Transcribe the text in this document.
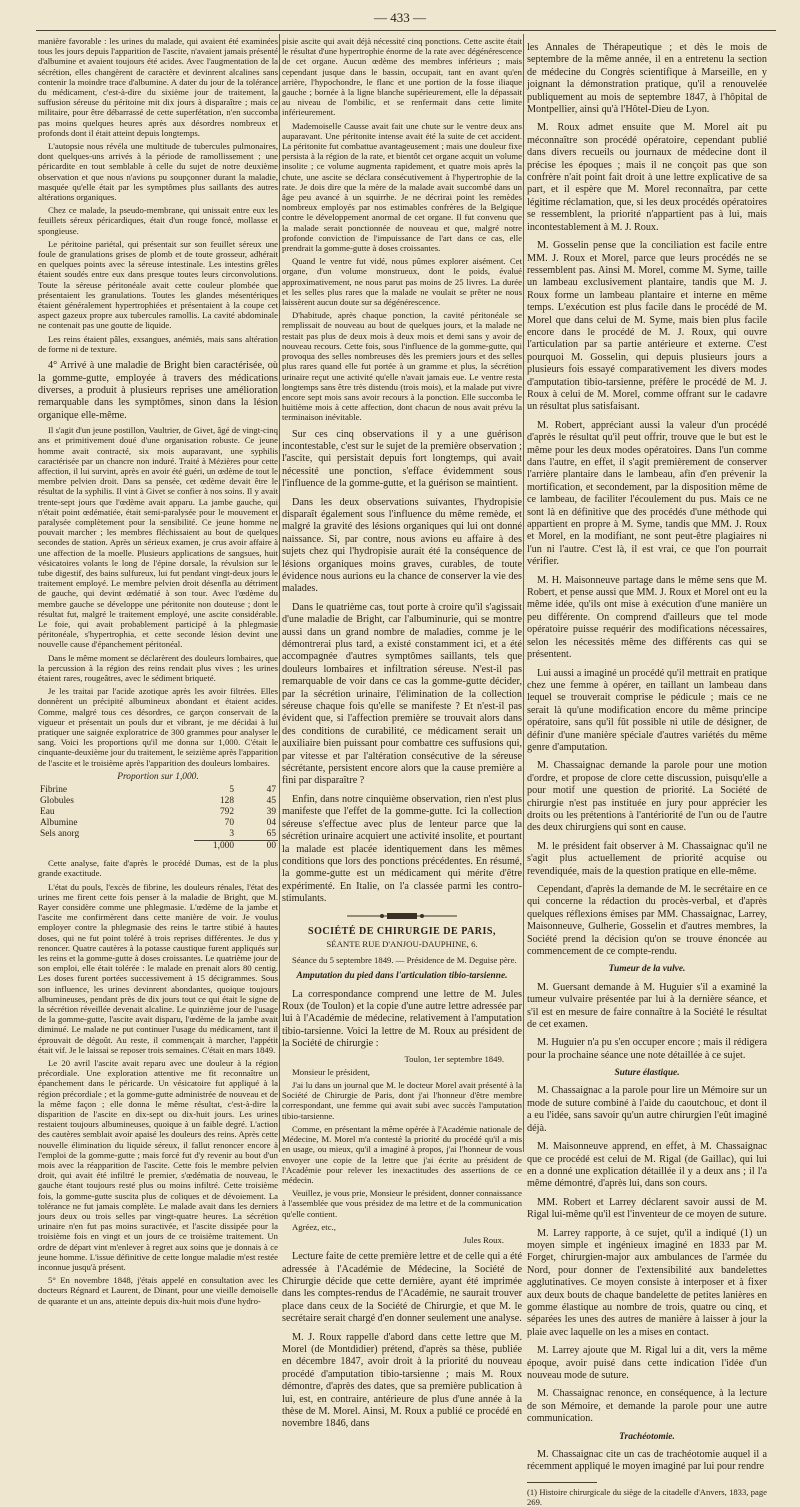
— 433 —

manière favorable : les urines du malade, qui avaient été examinées tous les jours depuis l'apparition de l'ascite, n'avaient jamais présenté d'albumine et avaient toujours été acides. Avec l'augmentation de la sécrétion, elles changèrent de caractère et devinrent alcalines sans contenir la moindre trace d'albumine. A dater du jour de la tolérance du médicament, c'est-à-dire du sixième jour de traitement, la suffusion séreuse du péritoine mit dix jours à disparaître ; mais ce militaire, pour être débarrassé de cette superfétation, n'en succomba pas moins quelques heures après aux désordres nombreux et profonds dont il était atteint depuis longtemps.

L'autopsie nous révéla une multitude de tubercules pulmonaires, dont quelques-uns arrivés à la période de ramollissement ; une péricardite en tout semblable à celle du sujet de notre deuxième observation et que nous n'avions pu soupçonner durant la maladie, masquée qu'elle était par les symptômes plus saillants des autres altérations organiques.

Chez ce malade, la pseudo-membrane, qui unissait entre eux les feuillets séreux péricardiques, était d'un rouge foncé, mollasse et spongieuse.

Le péritoine pariétal, qui présentait sur son feuillet séreux une foule de granulations grises de plomb et de toute grosseur, adhérait en quelques points avec la séreuse intestinale. Les intestins grêles étaient soudés entre eux dans presque toutes leurs circonvolutions. Toute la séreuse péritonéale avait cette couleur plombée que présentaient les granulations. Toutes les glandes mésentériques étaient généralement hypertrophiées et présentaient à la coupe cet aspect gazeux propre aux tubercules ramollis. La cavité abdominale ne contenait pas une goutte de liquide.

Les reins étaient pâles, exsangues, anémiés, mais sans altération de forme ni de texture.

4° Arrivé à une maladie de Bright bien caractérisée, où la gomme-gutte, employée à travers des médications diverses, a produit à plusieurs reprises une amélioration remarquable dans les symptômes, sinon dans la lésion organique elle-même.

Il s'agit d'un jeune postillon, Vaultrier, de Givet, âgé de vingt-cinq ans et primitivement doué d'une organisation robuste. Ce jeune homme avait contracté, six mois auparavant, une syphilis caractérisée par un chancre non induré. Traité à Mézières pour cette affection, il lui survint, après en avoir été guéri, un œdème de tout le membre pelvien droit. Dans sa pensée, cet œdème devait être le résultat de la syphilis. Il vint à Givet se confier à nos soins. Il y avait trente-sept jours que l'œdème avait apparu. La jambe gauche, qui n'était point œdématiée, était semi-paralysée pour le mouvement et paralysée complètement pour la sensibilité. Ce jeune homme ne pouvait marcher ; les membres fléchissaient au bout de quelques secondes de station. Après un sérieux examen, je crus avoir affaire à une affection de la moelle. Plusieurs applications de sangsues, huit vésicatoires volants le long de l'épine dorsale, la révulsion sur le tube digestif, des bains sulfureux, lui fut pendant vingt-deux jours le traitement employé. Le membre pelvien droit désenfla au détriment de gauche, qui devint œdématié à son tour. Avec l'œdème du membre gauche se développe une péritonite non douteuse ; dont le résultat fut, malgré le traitement employé, une ascite considérable. Le foie, qui avait probablement participé à la phlegmasie péritonéale, s'hypertrophia, et cette seconde lésion devint une nouvelle cause d'épanchement péritonéal.

Dans le même moment se déclarèrent des douleurs lombaires, que la percussion à la région des reins rendait plus vives ; les urines étaient rares, rougeâtres, avec le sédiment briqueté.

Je les traitai par l'acide azotique après les avoir filtrées. Elles donnèrent un précipité albumineux abondant et étaient acides. Comme, malgré tous ces désordres, ce garçon conservait de la vigueur et présentait un pouls dur et vibrant, je me décidai à lui pratiquer une saignée exploratrice de 300 grammes pour analyser le sang. Voici les proportions qu'il me donna sur 1,000. C'était le cinquante-deuxième jour du traitement, le seizième après l'apparition de l'ascite et le troisième après l'apparition des douleurs lombaires.

Proportion sur 1,000.

Fibrine	5	47
Globules	128	45
Eau	792	39
Albumine	70	04
Sels anorg	3	65
	1,000	00

Cette analyse, faite d'après le procédé Dumas, est de la plus grande exactitude.

L'état du pouls, l'excès de fibrine, les douleurs rénales, l'état des urines me firent cette fois penser à la maladie de Bright, que M. Rayer considère comme une phlegmasie. L'œdème de la jambe et l'ascite me confirmèrent dans cette manière de voir. Je voulus employer contre la phlegmasie des reins le tartre stibié à hautes doses, qui ne fut point toléré à trois reprises différentes. Je dus y renoncer. Quatre cautères à la potasse caustique furent appliqués sur les reins et la gomme-gutte à doses croissantes. Le quatrième jour de son emploi, elle était tolérée : le malade en prenait alors 80 centig. Les doses furent portées successivement à 15 décigrammes. Sous son influence, les urines devinrent abondantes, quoique toujours albumineuses, pendant près de dix jours tout ce qui était le signe de la sécrétion réveillée devenait alcaline. Le quinzième jour de l'usage de la gomme-gutte, l'ascite avait disparu, l'œdème de la jambe avait diminué. Le malade ne put continuer l'usage du médicament, tant il éprouvait de dégoût. Au reste, il commençait à marcher, l'appétit était vif. Je le laissai se reposer trois semaines. C'était en mars 1849.

Le 20 avril l'ascite avait reparu avec une douleur à la région précordiale. Une exploration attentive me fit reconnaître un épanchement dans le péricarde. Un vésicatoire fut appliqué à la région précordiale ; et la gomme-gutte administrée de nouveau et de la même façon ; elle donna le même résultat, c'est-à-dire la disparition de l'ascite en dix-sept ou dix-huit jours. Les urines restaient toujours albumineuses, quoique à un faible degré. L'action des cautères semblait avoir apaisé les douleurs des reins. Après cette nouvelle élimination du liquide séreux, il fallut renoncer encore à l'emploi de la gomme-gutte ; mais forcé fut d'y revenir au bout d'un mois avec la réapparition de l'ascite. Cette fois le membre pelvien droit, qui avait été infiltré le premier, s'œdématia de nouveau, le gauche étant toujours resté plus ou moins infiltré. Cette troisième fois, la gomme-gutte suscita plus de coliques et de dévoiement. La tolérance ne fut jamais complète. Le malade avait dans les derniers jours deux ou trois selles par vingt-quatre heures. La sécrétion urinaire n'en fut pas moins suractivée, et l'ascite dissipée pour la troisième fois en vingt et un jours de ce troisième traitement. Un ordre de départ vint m'enlever à regret aux soins que je donnais à ce jeune homme. L'issue définitive de cette longue maladie m'est restée inconnue jusqu'à présent.

5° En novembre 1848, j'étais appelé en consultation avec les docteurs Régnard et Laurent, de Dinant, pour une vieille demoiselle de quarante et un ans, atteinte depuis dix-huit mois d'une hydro-

pisie ascite qui avait déjà nécessité cinq ponctions. Cette ascite était le résultat d'une hypertrophie énorme de la rate avec dégénérescence de cet organe. Aucun œdème des membres inférieurs ; mais cependant jusque dans le bassin, occupait, tant en avant qu'en arrière, l'hypochondre, le flanc et une portion de la fosse iliaque gauche ; bornée à la ligne blanche supérieurement, elle la dépassait au niveau de l'ombilic, et se renfermait dans cette limite inférieurement.

Mademoiselle Causse avait fait une chute sur le ventre deux ans auparavant. Une péritonite intense avait été la suite de cet accident. La péritonite fut combattue avantageusement ; mais une douleur fixe persista à la région de la rate, et bientôt cet organe acquit un volume insolite ; ce volume augmenta rapidement, et quatre mois après la chute, une ascite se déclara consécutivement à l'hypertrophie de la rate. Je dois dire que la mère de la malade avait succombé dans un âge peu avancé à un squirrhe. Je ne décrirai point les remèdes nombreux employés par nos estimables confrères de la Belgique contre le développement anormal de cet organe. Il fut convenu que la malade serait ponctionnée de nouveau et que, malgré notre profonde conviction de l'impuissance de l'art dans ce cas, elle prendrait la gomme-gutte à doses croissantes.

Quand le ventre fut vidé, nous pûmes explorer aisément. Cet organe, d'un volume monstrueux, dont le poids, évalué approximativement, ne nous parut pas moins de 25 livres. La durée et les selles plus rares que la malade ne voulait se prêter ne nous laissèrent aucun doute sur sa dégénérescence.

D'habitude, après chaque ponction, la cavité péritonéale se remplissait de nouveau au bout de quelques jours, et la malade ne restait pas plus de deux mois à deux mois et demi sans y avoir de nouveau recours. Cette fois, sous l'influence de la gomme-gutte, qui provoqua des selles nombreuses dès les premiers jours et des selles plus rares quand elle fut portée à un gramme et plus, la sécrétion urinaire reçut une activité qu'elle n'avait jamais eue. Le ventre resta longtemps sans être très distendu (trois mois), et la malade put vivre encore sept mois sans avoir recours à la ponction. Elle succomba le huitième mois à cette affection, dont chacun de nous avait prévu la terminaison inévitable.

Sur ces cinq observations il y a une guérison incontestable, c'est sur le sujet de la première observation ; l'ascite, qui persistait depuis fort longtemps, qui avait nécessité une ponction, s'efface évidemment sous l'influence de la gomme-gutte, et la guérison se maintient.

Dans les deux observations suivantes, l'hydropisie disparaît également sous l'influence du même remède, et malgré la gravité des lésions organiques qui lui ont donné naissance. Si, par contre, nous avions eu affaire à des sujets chez qui l'hydropisie aurait été la conséquence de lésions organiques moins graves, curables, de toute évidence nous aurions eu la chance de conserver la vie des malades.

Dans le quatrième cas, tout porte à croire qu'il s'agissait d'une maladie de Bright, car l'albuminurie, qui se montre aussi dans un grand nombre de maladies, comme je le démontrerai plus tard, a existé constamment ici, et a été accompagnée d'autres symptômes saillants, tels que douleurs lombaires et infiltration séreuse. N'est-il pas remarquable de voir dans ce cas la gomme-gutte décider, par la sécrétion urinaire, l'élimination de la collection séreuse chaque fois qu'elle se manifeste ? Et n'est-il pas évident que, si l'affection première se trouvait alors dans des conditions de curabilité, ce médicament serait un auxiliaire bien puissant pour combattre ces suffusions qui, par vitesse et par l'altération consécutive de la séreuse sécrétante, persistent encore alors que la cause première a fini par disparaître ?

Enfin, dans notre cinquième observation, rien n'est plus manifeste que l'effet de la gomme-gutte. Ici la collection séreuse s'effectue avec plus de lenteur parce que la sécrétion urinaire acquiert une activité insolite, et pourtant la malade est placée identiquement dans les mêmes conditions que lors des ponctions précédentes. En résumé, la gomme-gutte est un médicament qui mérite d'être expérimenté. En Italie, on l'a classée parmi les contro-stimulants.

SOCIÉTÉ DE CHIRURGIE DE PARIS,

SÉANTE RUE D'ANJOU-DAUPHINE, 6.

Séance du 5 septembre 1849. — Présidence de M. Deguise père.

Amputation du pied dans l'articulation tibio-tarsienne.

La correspondance comprend une lettre de M. Jules Roux (de Toulon) et la copie d'une autre lettre adressée par lui à l'Académie de médecine, relativement à l'amputation tibio-tarsienne. Voici la lettre de M. Roux au président de la Société de chirurgie :

Toulon, 1er septembre 1849.

Monsieur le président,

J'ai lu dans un journal que M. le docteur Morel avait présenté à la Société de Chirurgie de Paris, dont j'ai l'honneur d'être membre correspondant, une femme qui avait subi avec succès l'amputation tibio-tarsienne.

Comme, en présentant la même opérée à l'Académie nationale de Médecine, M. Morel m'a contesté la priorité du procédé qu'il a mis en usage, ou mieux, qu'il a imaginé à propos, j'ai l'honneur de vous envoyer une copie de la lettre que j'ai écrite au président de l'Académie pour relever les inexactitudes des assertions de ce médecin.

Veuillez, je vous prie, Monsieur le président, donner connaissance à l'assemblée que vous présidez de ma lettre et de la communication qu'elle contient.

Agréez, etc.,

Jules Roux.

Lecture faite de cette première lettre et de celle qui a été adressée à l'Académie de Médecine, la Société de Chirurgie décide que cette dernière, ayant été imprimée dans les comptes-rendus de l'Académie, ne saurait trouver place dans ceux de la Société de Chirurgie, et que M. le secrétaire serait chargé d'en donner seulement une analyse.

M. J. Roux rappelle d'abord dans cette lettre que M. Morel (de Montdidier) prétend, d'après sa thèse, publiée en décembre 1847, avoir droit à la priorité du nouveau procédé d'amputation tibio-tarsienne ; mais M. Roux démontre, d'après des dates, que sa première publication à lui, est, en contraire, antérieure de plus d'une année à la thèse de M. Morel. Ainsi, M. Roux a publié ce procédé en novembre 1846, dans

les Annales de Thérapeutique ; et dès le mois de septembre de la même année, il en a entretenu la section de médecine du Congrès scientifique à Marseille, en y joignant la démonstration pratique, qu'il a renouvelée publiquement au mois de septembre 1847, à l'hôpital de Montpellier, ainsi qu'à l'Hôtel-Dieu de Lyon.

M. Roux admet ensuite que M. Morel ait pu méconnaître son procédé opératoire, cependant publié dans divers recueils ou journaux de médecine dont il précise les époques ; mais il ne conçoit pas que son confrère n'ait point fait droit à une lettre explicative de sa part, et il espère que M. Morel reconnaîtra, par cette légitime réclamation, que, si les deux procédés opératoires se ressemblent, la priorité n'appartient pas à lui, mais incontestablement à M. J. Roux.

M. Gosselin pense que la conciliation est facile entre MM. J. Roux et Morel, parce que leurs procédés ne se ressemblent pas. Ainsi M. Morel, comme M. Syme, taille un lambeau exclusivement plantaire, tandis que M. J. Roux forme un lambeau plantaire et interne en même temps. L'exécution est plus facile dans le procédé de M. Morel que dans celui de M. Syme, mais bien plus facile encore dans le procédé de M. J. Roux, qui ouvre l'articulation par sa partie antérieure et externe. C'est pourquoi M. Gosselin, qui depuis plusieurs jours a plusieurs fois essayé comparativement les divers modes d'amputation tibio-tarsienne, préfère le procédé de M. J. Roux à celui de M. Morel, comme offrant sur le cadavre un résultat plus satisfaisant.

M. Robert, appréciant aussi la valeur d'un procédé d'après le résultat qu'il peut offrir, trouve que le but est le même pour les deux modes opératoires. Dans l'un comme dans l'autre, en effet, il s'agit premièrement de conserver l'arrière plantaire dans le lambeau, afin d'en prévenir la mortification, et secondement, par la disposition même de ce lambeau, de faciliter l'écoulement du pus. Mais ce ne sont là en définitive que des procédés d'une méthode qui appartient en propre à M. Syme, tandis que MM. J. Roux et Morel, en la modifiant, ne sont peut-être plagiaires ni l'un ni l'autre. C'est là, il est vrai, ce que l'on pourrait vérifier.

M. H. Maisonneuve partage dans le même sens que M. Robert, et pense aussi que MM. J. Roux et Morel ont eu la même idée, qu'ils ont mise à exécution d'une manière un peu différente. On comprend d'ailleurs que tel mode opératoire puisse requérir des modifications nécessaires, selon les nécessités même des différents cas qui se présentent.

Lui aussi a imaginé un procédé qu'il mettrait en pratique chez une femme à opérer, en taillant un lambeau dans lequel se trouverait comprise le pédicule ; mais ce ne serait là qu'une modification encore du même principe opératoire, sans qu'il fût possible ni utile de désigner, de définir d'une manière spéciale d'autres variétés du même genre d'amputation.

M. Chassaignac demande la parole pour une motion d'ordre, et propose de clore cette discussion, puisqu'elle a pour motif une question de priorité. La Société de chirurgie n'est pas instituée en jury pour apprécier les droits ou les prétentions à l'antériorité de l'un ou de l'autre des deux chirurgiens qui sont en cause.

M. le président fait observer à M. Chassaignac qu'il ne s'agit plus actuellement de priorité acquise ou revendiquée, mais de la question pratique en elle-même.

Cependant, d'après la demande de M. le secrétaire en ce qui concerne la rédaction du procès-verbal, et d'après quelques réflexions émises par MM. Chassaignac, Larrey, Maisonneuve, Gulherie, Gosselin et d'autres membres, la Société prend la décision qu'on se trouve énoncée au commencement de ce compte-rendu.

Tumeur de la vulve.

M. Guersant demande à M. Huguier s'il a examiné la tumeur vulvaire présentée par lui à la dernière séance, et s'il est en mesure de faire connaître à la Société le résultat de cet examen.

M. Huguier n'a pu s'en occuper encore ; mais il rédigera pour la prochaine séance une note détaillée à ce sujet.

Suture élastique.

M. Chassaignac a la parole pour lire un Mémoire sur un mode de suture combiné à l'aide du caoutchouc, et dont il a eu l'idée, sans savoir qu'un autre chirurgien l'eût imaginé déjà.

M. Maisonneuve apprend, en effet, à M. Chassaignac que ce procédé est celui de M. Rigal (de Gaillac), qui lui en a donné une explication détaillée il y a deux ans ; il l'a même démontré, d'après lui, dans son cours.

MM. Robert et Larrey déclarent savoir aussi de M. Rigal lui-même qu'il est l'inventeur de ce moyen de suture.

M. Larrey rapporte, à ce sujet, qu'il a indiqué (1) un moyen simple et ingénieux imaginé en 1833 par M. Forget, chirurgien-major aux ambulances de l'armée du Nord, pour donner de l'extensibilité aux bandelettes agglutinatives. Ce moyen consiste à interposer et à fixer aux deux bouts de chaque bandelette de petites lanières en gomme élastique au nombre de trois, quatre ou cinq, et séparées les unes des autres de manière à laisser à jour la plaie avec laquelle on les a mises en contact.

M. Larrey ajoute que M. Rigal lui a dit, vers la même époque, avoir puisé dans cette indication l'idée d'un nouveau mode de suture.

M. Chassaignac renonce, en conséquence, à la lecture de son Mémoire, et demande la parole pour une autre communication.

Trachéotomie.

M. Chassaignac cite un cas de trachéotomie auquel il a récemment appliqué le moyen imaginé par lui pour rendre

(1) Histoire chirurgicale du siège de la citadelle d'Anvers, 1833, page 269.
